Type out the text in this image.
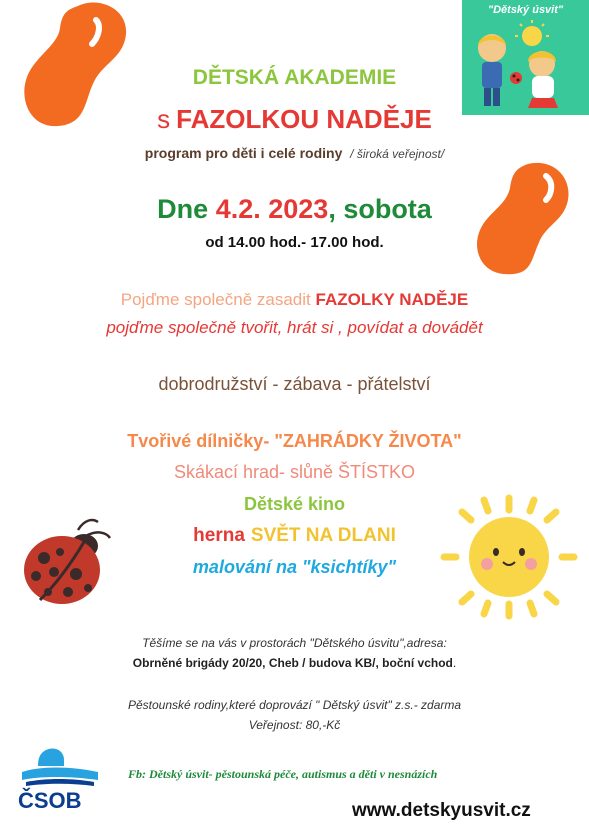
"Dětský úsvit"
DĚTSKÁ AKADEMIE
s FAZOLKOU NADĚJE
program pro děti i celé rodiny / široká veřejnost/
Dne 4.2. 2023, sobota
od 14.00 hod.- 17.00 hod.
Pojďme společně zasadit FAZOLKY NADĚJE
pojďme společně tvořit, hrát si , povídat a dovádět
dobrodružství - zábava - přátelství
Tvořivé dílničky- "ZAHRÁDKY ŽIVOTA"
Skákací hrad- slůně ŠTÍSTKO
Dětské kino
herna SVĚT NA DLANI
malování na "ksichtíky"
Těšíme se na vás v prostorách "Dětského úsvitu",adresa:
Obrněné brigády 20/20, Cheb / budova KB/, boční vchod.
Pěstounské rodiny,které doprovází " Dětský úsvit" z.s.- zdarma
Veřejnost: 80,-Kč
ČSOB
Fb: Dětský úsvit- pěstounská péče, autismus a děti v nesnázích
www.detskyusvit.cz
